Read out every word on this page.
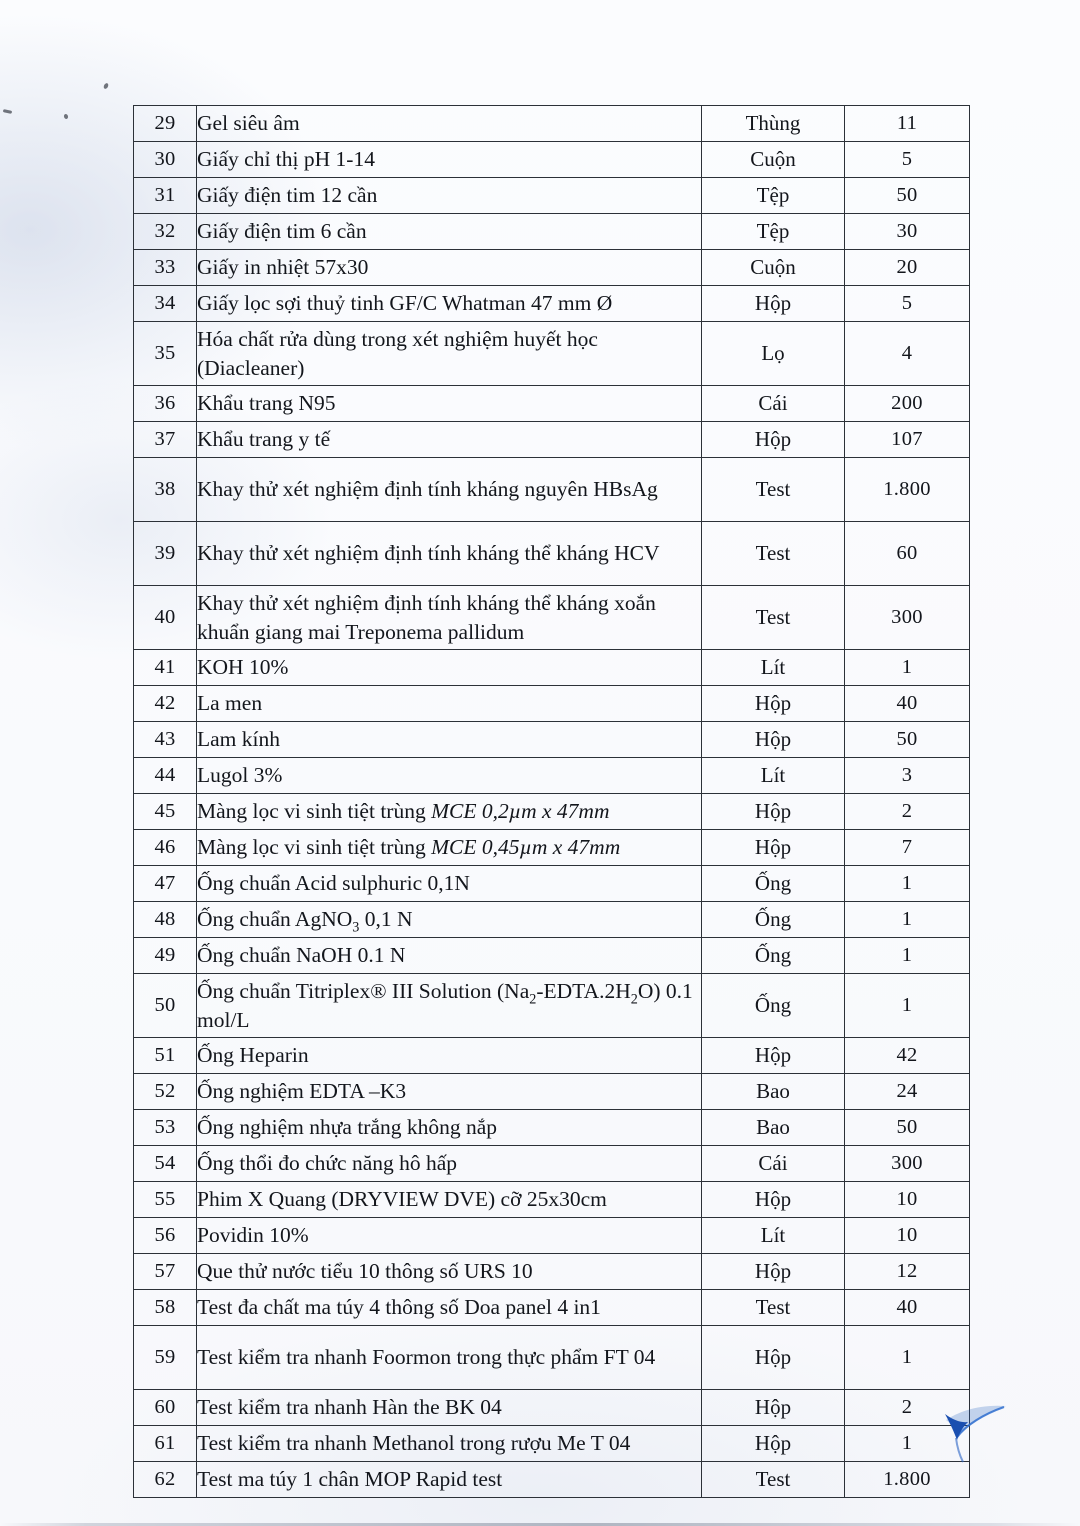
29	Gel siêu âm	Thùng	11
30	Giấy chỉ thị pH 1-14	Cuộn	5
31	Giấy điện tim 12 cần	Tệp	50
32	Giấy điện tim 6 cần	Tệp	30
33	Giấy in nhiệt 57x30	Cuộn	20
34	Giấy lọc sợi thuỷ tinh GF/C Whatman 47 mm Ø	Hộp	5
35	Hóa chất rửa dùng trong xét nghiệm huyết học (Diacleaner)	Lọ	4
36	Khẩu trang N95	Cái	200
37	Khẩu trang y tế	Hộp	107
38	Khay thử xét nghiệm định tính kháng nguyên HBsAg	Test	1.800
39	Khay thử xét nghiệm định tính kháng thể kháng HCV	Test	60
40	Khay thử xét nghiệm định tính kháng thể kháng xoắn khuẩn giang mai Treponema pallidum	Test	300
41	KOH 10%	Lít	1
42	La men	Hộp	40
43	Lam kính	Hộp	50
44	Lugol 3%	Lít	3
45	Màng lọc vi sinh tiệt trùng MCE 0,2µm x 47mm	Hộp	2
46	Màng lọc vi sinh tiệt trùng MCE 0,45µm x 47mm	Hộp	7
47	Ống chuẩn Acid sulphuric 0,1N	Ống	1
48	Ống chuẩn AgNO$_3$ 0,1 N	Ống	1
49	Ống chuẩn NaOH 0.1 N	Ống	1
50	Ống chuẩn Titriplex® III Solution $(Na_2-EDTA.2H_2O)$ 0.1 mol/L	Ống	1
51	Ống Heparin	Hộp	42
52	Ống nghiệm EDTA –K3	Bao	24
53	Ống nghiệm nhựa trắng không nắp	Bao	50
54	Ống thổi đo chức năng hô hấp	Cái	300
55	Phim X Quang (DRYVIEW DVE) cỡ 25x30cm	Hộp	10
56	Povidin 10%	Lít	10
57	Que thử nước tiểu 10 thông số URS 10	Hộp	12
58	Test đa chất ma túy 4 thông số Doa panel 4 in1	Test	40
59	Test kiểm tra nhanh Foormon trong thực phẩm FT 04	Hộp	1
60	Test kiểm tra nhanh Hàn the BK 04	Hộp	2
61	Test kiểm tra nhanh Methanol trong rượu Me T 04	Hộp	1
62	Test ma túy 1 chân MOP Rapid test	Test	1.800
